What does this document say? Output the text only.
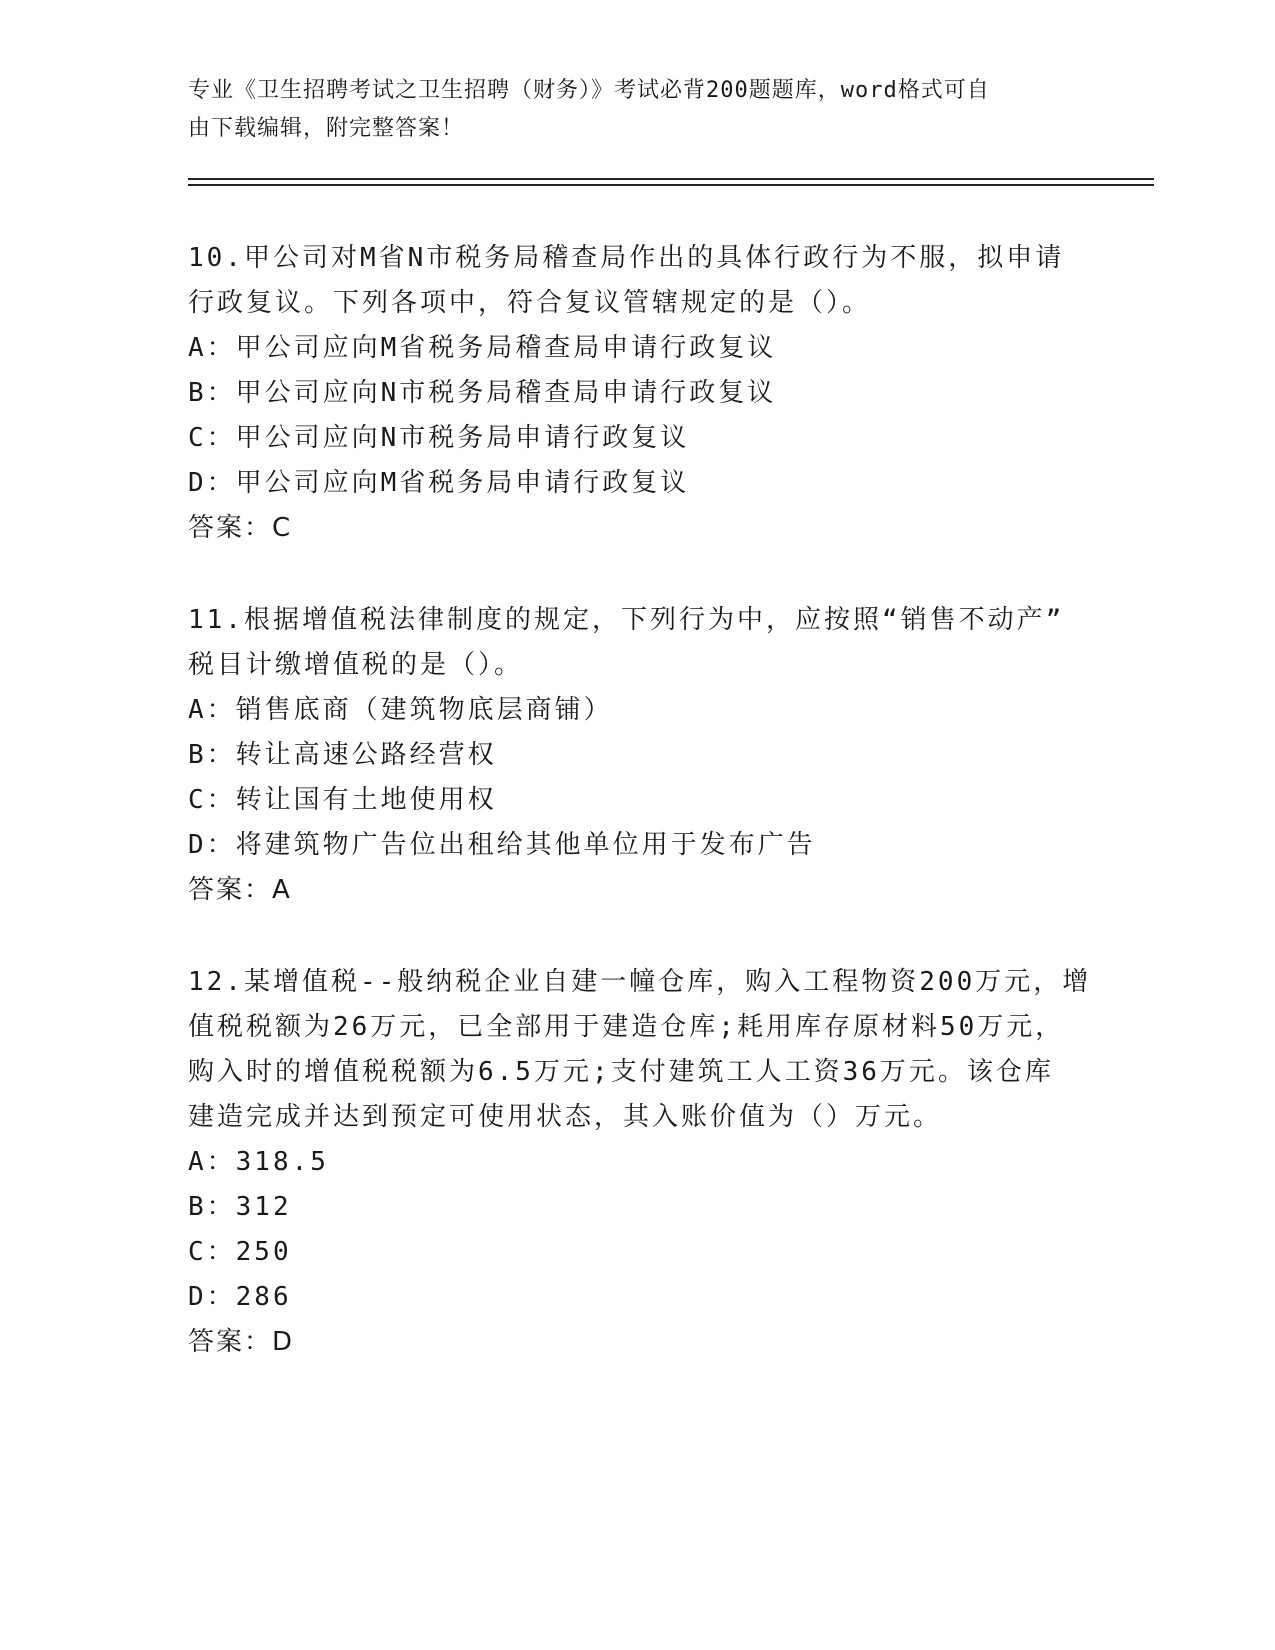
专业《卫生招聘考试之卫生招聘（财务）》考试必背200题题库，word格式可自
由下载编辑，附完整答案！
10.甲公司对M省N市税务局稽查局作出的具体行政行为不服，拟申请
行政复议。下列各项中，符合复议管辖规定的是（）。
A：甲公司应向M省税务局稽查局申请行政复议
B：甲公司应向N市税务局稽查局申请行政复议
C：甲公司应向N市税务局申请行政复议
D：甲公司应向M省税务局申请行政复议
答案：C
11.根据增值税法律制度的规定，下列行为中，应按照“销售不动产”
税目计缴增值税的是（）。
A：销售底商（建筑物底层商铺）
B：转让高速公路经营权
C：转让国有土地使用权
D：将建筑物广告位出租给其他单位用于发布广告
答案：A
12.某增值税--般纳税企业自建一幢仓库，购入工程物资200万元，增
值税税额为26万元，已全部用于建造仓库;耗用库存原材料50万元，
购入时的增值税税额为6.5万元;支付建筑工人工资36万元。该仓库
建造完成并达到预定可使用状态，其入账价值为（）万元。
A：318.5
B：312
C：250
D：286
答案：D
